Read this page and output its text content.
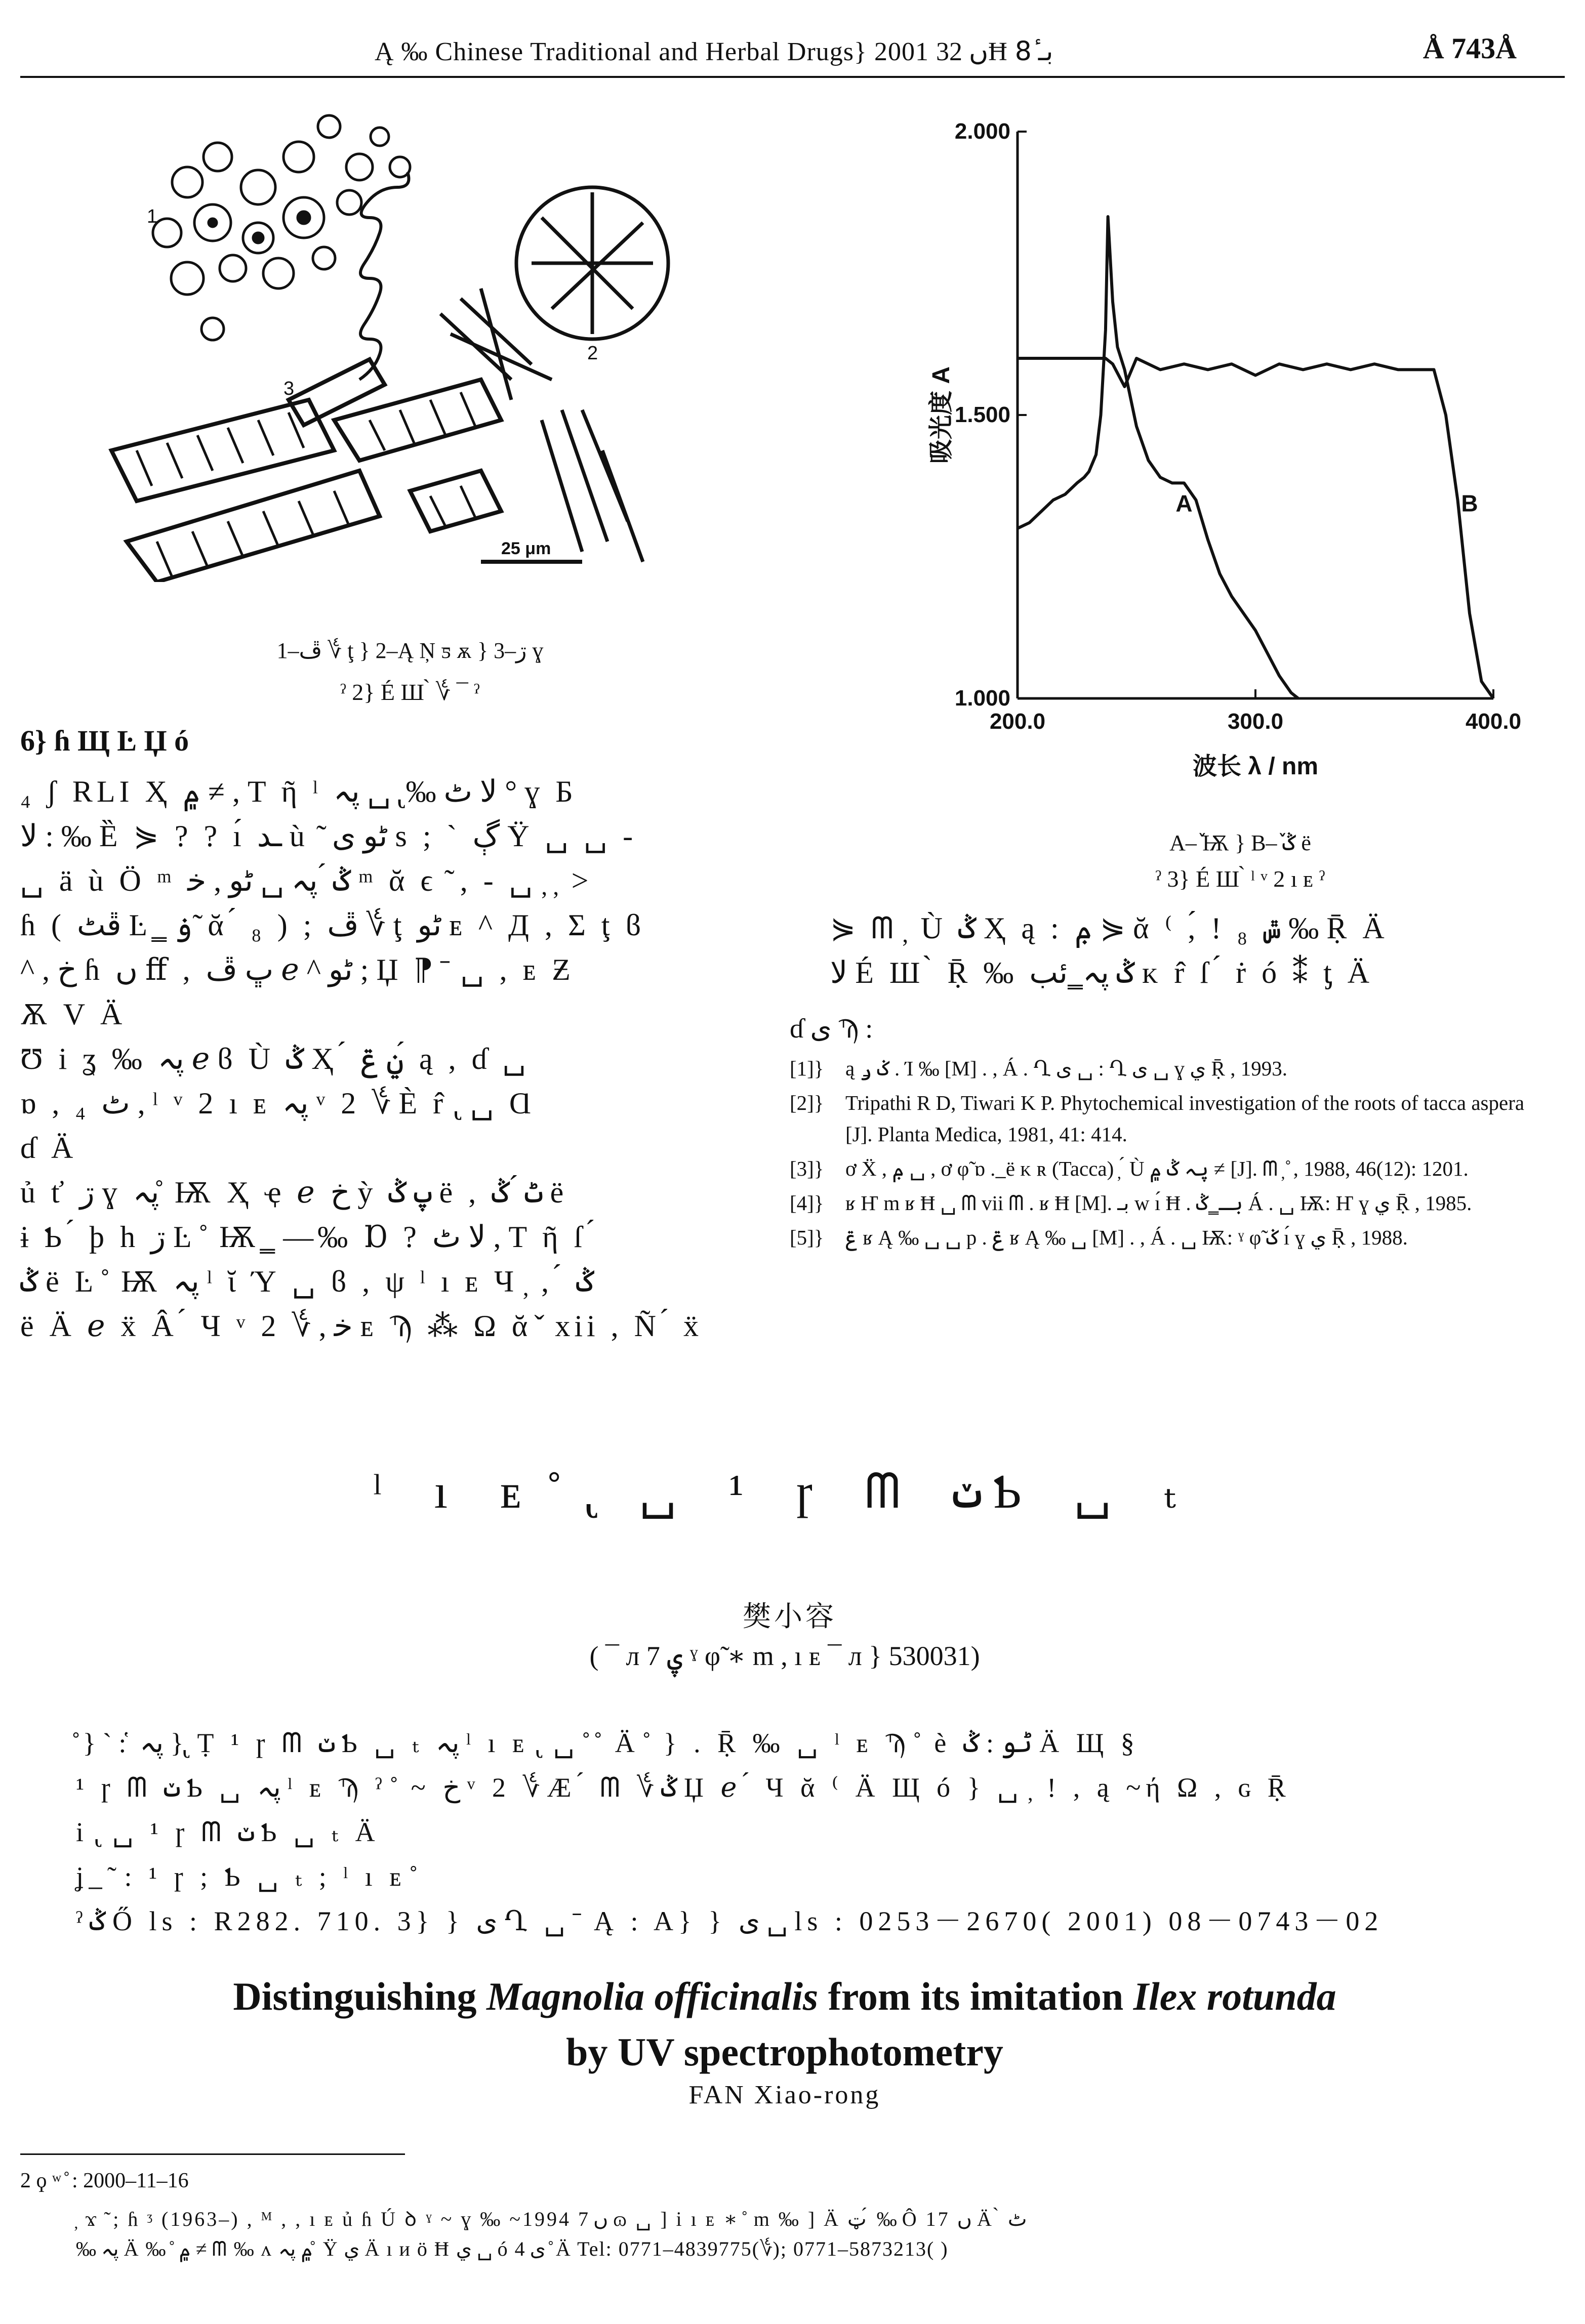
Ą ‰ Chinese Traditional and Herbal Drugs} 2001 ں 32Ħ بـ 8ٔ	Å 743Å
25 μm
1
2
3
1–ڦ ؇ ţ } 2–Ą Ņ ƽ ѫ } 3–ڗ ɣ
ˀ 2} É Ш ̀ ؇ ¯ ˀ
6} ɦ Щ Ŀ Џ ó
₄ ʃ RLI Ҳ ۾ ≠ , T ῆ ˡ ﻻ ٹ ‰ ̢ ␣ پہ ° ɣ Б
ﻻ : ‰ Ȅ ⋟ ? ? ı́ ـد ù ̃ ٹو ی s ; ` ڳ Ÿ ␣ ␣ -
␣ ä ù Ö ᵐ ݣ ́ پہ ␣ ٹو , ﺧ ᵐ ᾰ ϵ ̃ , - ␣ ̦ ̦ >
ɦ ( ڦٹ Ŀ ̳ ۏ ̃ ᾰ ́ ₈ ) ; ڦ ؇ ţ ٹو ᴇ ^ Д , Σ ţ ϐ
^ , ﺥ ɦ ں ﬀ , ڀ ڦ ℯ ^ ٹو ; Џ ⁋ ̄ ␣ , ᴇ Ƶ
Ѫ V Ä
Ʊ i ʓ ‰ پہ ℯ ϐ Ù ݣ Ҳ ́ ݧ ݝ ́ ą , ɗ ␣
ɒ , ₄ ٹ , ˡ ᵛ 2 ı ᴇ پہ ᵛ 2 ؇ È r̂ ̢ ␣ Ɑ
ɗ Ä
ủ ť ڗ ɣ پہ ̊ Ѭ Ҳ ҿ ℯ ﺥ ỳ پ ݣ ë , ٹ ́ ݣ ë
ɨ Ƅ ́ þ h ڗ Ŀ ̊ Ѭ ̳ —‰ Ɒ ? ﻻ ٹ , T ῆ ſ ́
ݣ ë Ŀ ̊ Ѭ پہ ˡ ῐ Ύ ␣ ϐ , ψ ˡ ı ᴇ Ч ̦ , ́ ݣ
ë Ä ℯ ẍ Â ́ Ч ᵛ 2 ؇ , ﺧ ᴇ Ϡ ⁂ Ω ᾰ ̌ xii , Ñ ́ ẍ
200.0	300.0	400.0
1.000
1.500
2.000
波长 λ / nm
吸光度 A
A	B
A–ٚ Ѭ } B–ٚ ݣ ë
ˀ 3} É Ш ̀ ˡ ᵛ 2 ı ᴇ ˀ
⋟ ᗰ ̦ Ù ݣ Ҳ ą : ݦ ⋟ ᾰ ⁽ ,́ ! ₈ ݜ ‰ Ṝ Ä
ﻻ É Ш ̀ Ṝ ‰ ݣ پہ ̳ ئب ᴋ r̂ ſ ́ ṙ ó ⁑ ƫ Ä
ɗ ی Ϡ :
[1]}	ą ݢ ݛ . Ί ‰ [M] . , Á . Ղ ی ␣ : Ղ ی ␣ ɣ ي Ṝ , 1993.
[2]}	Tripathi R D, Tiwari K P. Phytochemical investigation of the roots of tacca aspera [J]. Planta Medica, 1981, 41: 414.
[3]}	ơ Ẍ , ݦ ␣ , ơ φ̃ ɒ . ̲ ë ᴋ ʀ (Tacca) ̦ ́ Ù پہ ݣ ۾ ≠ [J]. ᗰ ̦ ̊ , 1988, 46(12): 1201.
[4]}	ʁ Ҥ m ʁ Ħ ␣ ᗰ vii ᗰ . ʁ Ħ [M]. بـ w ı́ Ħ . بـ ̳ ݣ Á . ␣ Ѭ: Ҥ ɣ ي Ṝ , 1985.
[5]}	ݝ ʁ Ą ‰ ␣ ␣ p . ݝ ʁ Ą ‰ ␣ [M] . , Á . ␣ Ѭ: ˠ φ̃ ݢ ı́ ɣ ي Ṝ , 1988.
ˡ ı ᴇ ̊ ̢ ␣ ¹ ɼ ᗰ ݖ Ƅ ␣ ₜ
樊小容
( ¯ л 7 ۑ ˠ φ̃ ∗ m , ı ᴇ ¯ л } 530031)
̊ } ` : ̔ پہ } ̢ Ṭ ¹ ɼ ᗰ ݖ Ƅ ␣ ₜ پہ ˡ ı ᴇ ̢ ␣ ̊ ̊ Ä ̊ } . Ṝ ‰ ␣ ˡ ᴇ Ϡ ̊ è ٹو : ݣ Ä Щ §
¹ ɼ ᗰ ݖ Ƅ ␣ پہ ˡ ᴇ Ϡ ˀ ̊ ~ ﺥ ᵛ 2 ؇ Æ ́ ᗰ ؇ ݣ Џ ℯ ́ Ч ᾰ ⁽ Ä Щ ó } ␣ ̦ ! , ą ~ή Ω , ɢ Ṝ
i ̢ ␣ ¹ ɼ ᗰ ݖ Ƅ ␣ ₜ Ä
ʝ ̲ ̃ : ¹ ɼ ; Ƅ ␣ ₜ ; ˡ ı ᴇ ̊
ˀ ݣ Ő ls : R282. 710. 3} } ی Ղ ␣ ̄ Ą : A} } ی ␣ ls : 0253－2670( 2001) 08－0743－02
Distinguishing Magnolia officinalis from its imitation Ilex rotunda
by UV spectrophotometry
FAN Xiao-rong
2 ϙ ʷ ̊ : 2000–11–16
̦ ϫ ̃ ; ɦ ᶾ (1963–) , ᴹ , , ı ᴇ ủ ɦ Ú ꝺ ˠ ~ ɣ ‰ ~1994 ں 7 ɷ ␣ ] i ı ᴇ ∗ ̊ m ‰ ] Ä ټ ́ ‰ Ô 17 ں Ä ̀ ٹ
‰ پہ Ä ‰ ̊ ۾ ≠ ᗰ ‰ ᴧ ۾ پہ ̊ Ϋ ي Ä ı ᴎ ӧ Ħ ي ␣ ó ی 4 ̊ Ä Tel: 0771–4839775(؇); 0771–5873213( )
